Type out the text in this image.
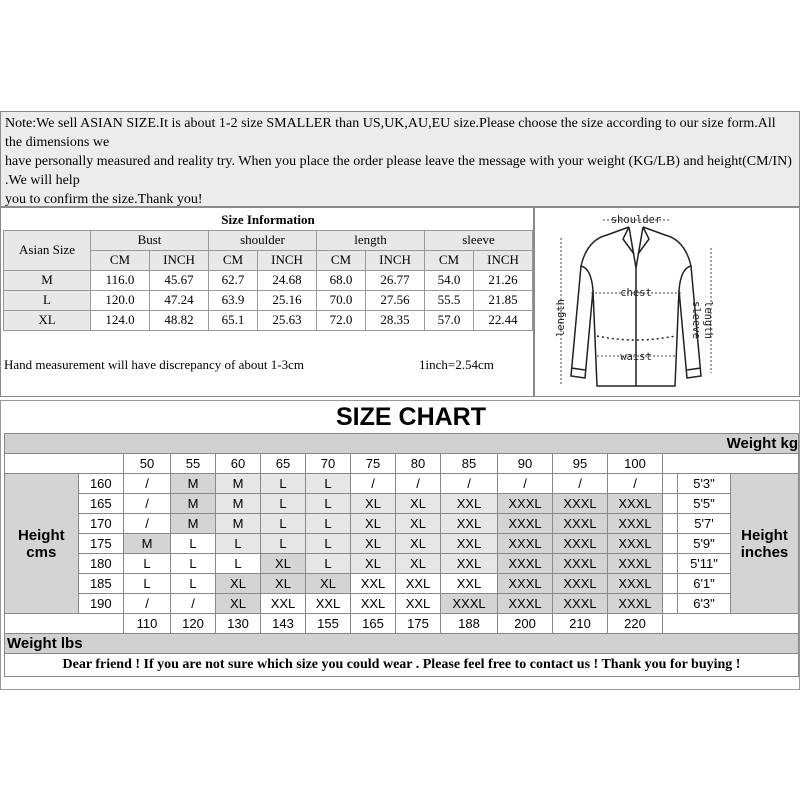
Note:We sell ASIAN SIZE.It is about 1-2 size SMALLER than US,UK,AU,EU size.Please choose the size according to our size form.All the dimensions we
have personally measured and reality try. When you place the order please leave the message with your weight (KG/LB) and height(CM/IN) .We will help
you to confirm the size.Thank you!
Size Information								
Asian Size	Bust		shoulder		length		sleeve	
	CM	INCH	CM	INCH	CM	INCH	CM	INCH
M	116.0	45.67	62.7	24.68	68.0	26.77	54.0	21.26
L	120.0	47.24	63.9	25.16	70.0	27.56	55.5	21.85
XL	124.0	48.82	65.1	25.63	72.0	28.35	57.0	22.44
Hand measurement will have discrepancy of about 1-3cm	1inch=2.54cm
shoulder
chest
waist
length	sleeve length
SIZE CHART
Weight kg															
		50	55	60	65	70	75	80	85	90	95	100			
Height cms	160	/	M	M	L	L	/	/	/	/	/	/		5'3"	Height inches
	165	/	M	M	L	L	XL	XL	XXL	XXXL	XXXL	XXXL		5'5"	
	170	/	M	M	L	L	XL	XL	XXL	XXXL	XXXL	XXXL		5'7'	
	175	M	L	L	L	L	XL	XL	XXL	XXXL	XXXL	XXXL		5'9"	
	180	L	L	L	XL	L	XL	XL	XXL	XXXL	XXXL	XXXL		5'11"	
	185	L	L	XL	XL	XL	XXL	XXL	XXL	XXXL	XXXL	XXXL		6'1"	
	190	/	/	XL	XXL	XXL	XXL	XXL	XXXL	XXXL	XXXL	XXXL		6'3"	
		110	120	130	143	155	165	175	188	200	210	220			
Weight lbs															
Dear friend ! If you are not sure which size you could wear . Please feel free to contact us ! Thank you for buying !															
